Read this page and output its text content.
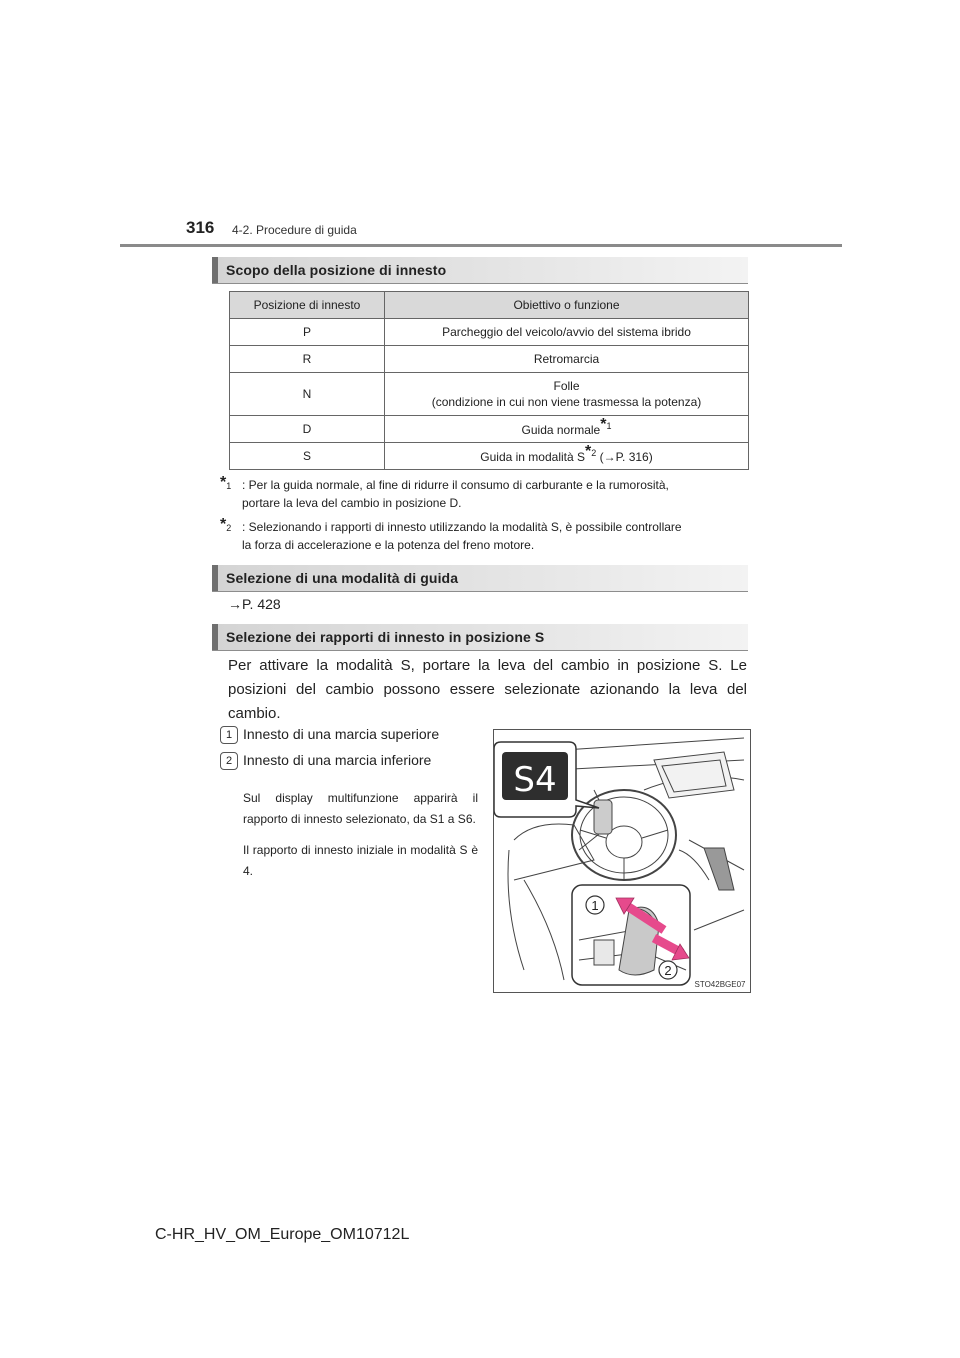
316 4-2. Procedure di guida
Scopo della posizione di innesto
Posizione di innesto	Obiettivo o funzione
P	Parcheggio del veicolo/avvio del sistema ibrido
R	Retromarcia
N	Folle
(condizione in cui non viene trasmessa la potenza)
D	Guida normale$^{*1}$
S	Guida in modalità $S^{*2}$ (→P. 316)
*$^1$ : Per la guida normale, al fine di ridurre il consumo di carburante e la rumorosità,
portare la leva del cambio in posizione D.
*$^2$ : Selezionando i rapporti di innesto utilizzando la modalità S, è possibile controllare
la forza di accelerazione e la potenza del freno motore.
Selezione di una modalità di guida
→P. 428
Selezione dei rapporti di innesto in posizione S
Per attivare la modalità S, portare la leva del cambio in posizione S. Le posizioni del cambio possono essere selezionate azionando la leva del cambio.
1 Innesto di una marcia superiore
2 Innesto di una marcia inferiore
Sul display multifunzione apparirà il rapporto di innesto selezionato, da S1 a S6.
Il rapporto di innesto iniziale in modalità S è 4.
S4
1
2
STO42BGE07
C-HR_HV_OM_Europe_OM10712L
